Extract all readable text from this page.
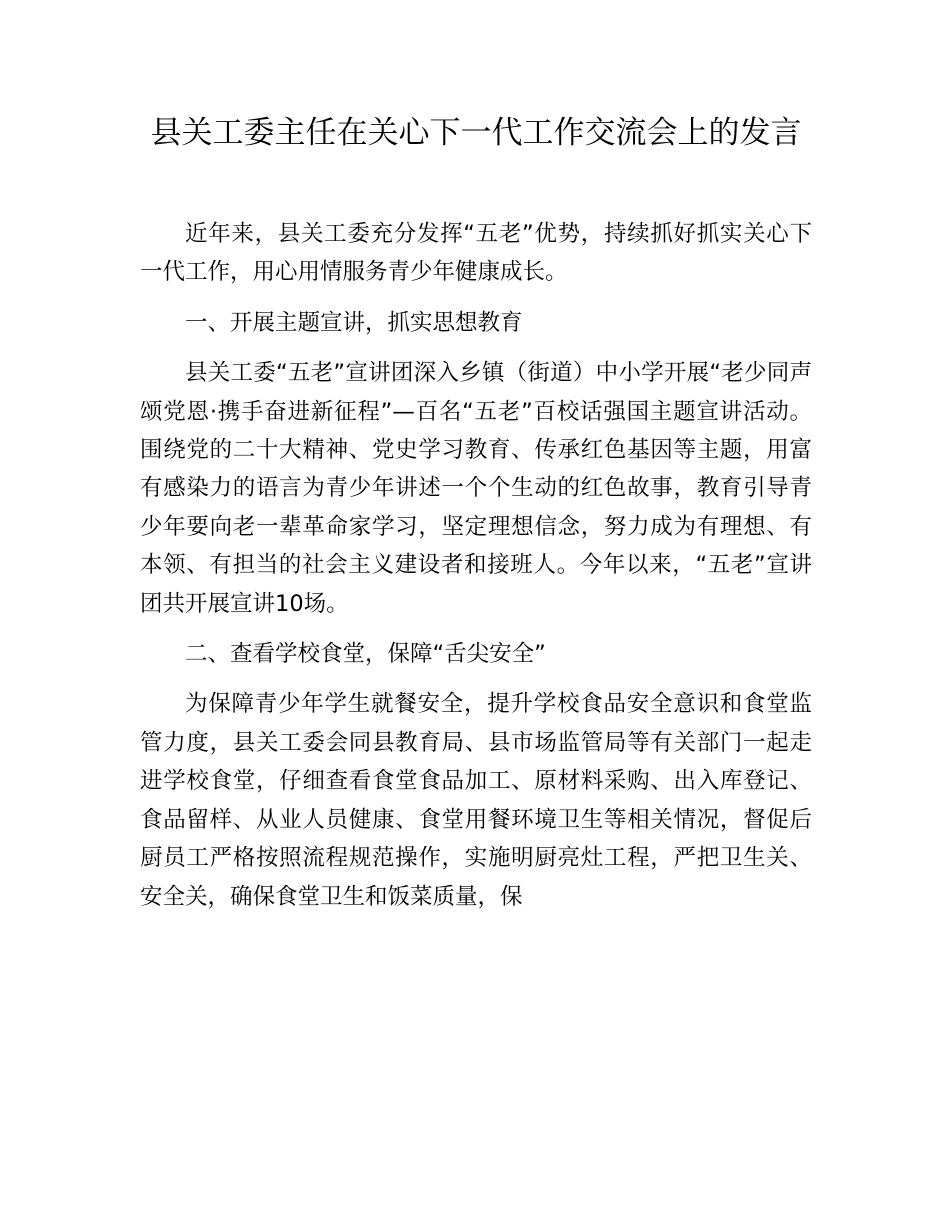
县关工委主任在关心下一代工作交流会上的发言

近年来，县关工委充分发挥“五老”优势，持续抓好抓实关心下一代工作，用心用情服务青少年健康成长。

一、开展主题宣讲，抓实思想教育

县关工委“五老”宣讲团深入乡镇（街道）中小学开展“老少同声颂党恩·携手奋进新征程”—百名“五老”百校话强国主题宣讲活动。围绕党的二十大精神、党史学习教育、传承红色基因等主题，用富有感染力的语言为青少年讲述一个个生动的红色故事，教育引导青少年要向老一辈革命家学习，坚定理想信念，努力成为有理想、有本领、有担当的社会主义建设者和接班人。今年以来，“五老”宣讲团共开展宣讲10场。

二、查看学校食堂，保障“舌尖安全”

为保障青少年学生就餐安全，提升学校食品安全意识和食堂监管力度，县关工委会同县教育局、县市场监管局等有关部门一起走进学校食堂，仔细查看食堂食品加工、原材料采购、出入库登记、食品留样、从业人员健康、食堂用餐环境卫生等相关情况，督促后厨员工严格按照流程规范操作，实施明厨亮灶工程，严把卫生关、安全关，确保食堂卫生和饭菜质量，保
